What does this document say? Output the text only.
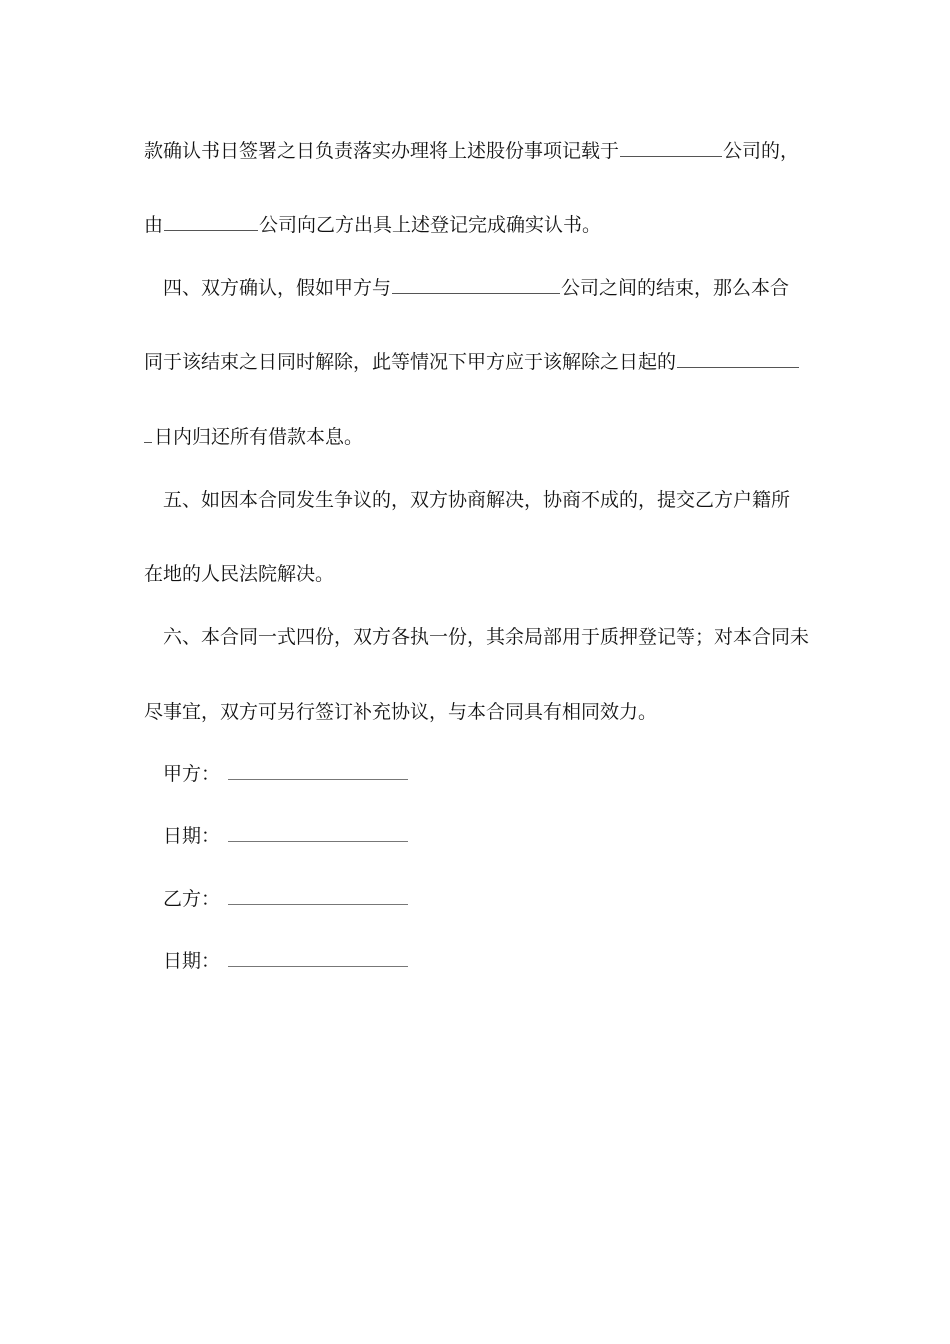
款确认书日签署之日负责落实办理将上述股份事项记载于	公司的，
由	公司向乙方出具上述登记完成确实认书。
四、双方确认，假如甲方与	公司之间的结束，那么本合
同于该结束之日同时解除，此等情况下甲方应于该解除之日起的
日内归还所有借款本息。
五、如因本合同发生争议的，双方协商解决，协商不成的，提交乙方户籍所
在地的人民法院解决。
六、本合同一式四份，双方各执一份，其余局部用于质押登记等；对本合同未
尽事宜，双方可另行签订补充协议，与本合同具有相同效力。
甲方：
日期：
乙方：
日期：
